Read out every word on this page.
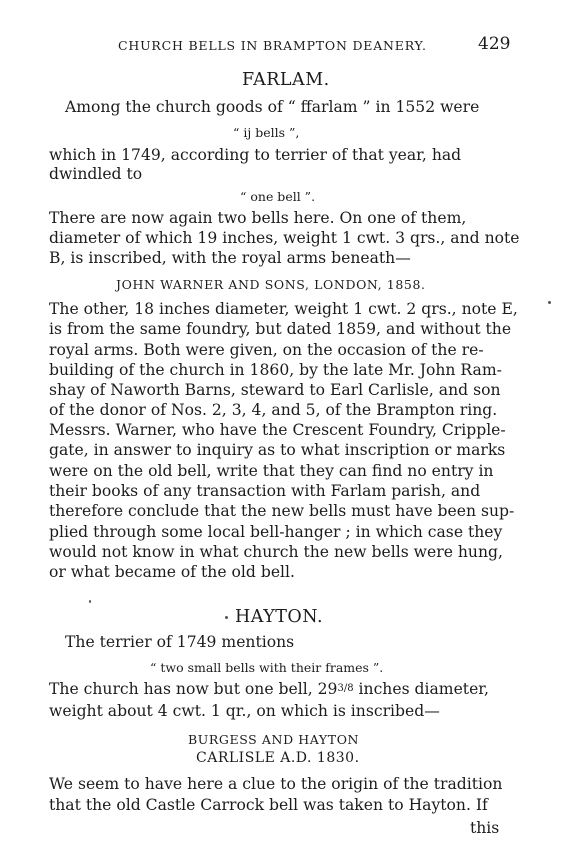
CHURCH BELLS IN BRAMPTON DEANERY.	429

FARLAM.

Among the church goods of “ ffarlam ” in 1552 were

“ ij bells ”,

which in 1749, according to terrier of that year, had

dwindled to

“ one bell ”.

There are now again two bells here. On one of them,

diameter of which 19 inches, weight 1 cwt. 3 qrs., and note

B, is inscribed, with the royal arms beneath—

JOHN WARNER AND SONS, LONDON, 1858.

The other, 18 inches diameter, weight 1 cwt. 2 qrs., note E,

is from the same foundry, but dated 1859, and without the

royal arms. Both were given, on the occasion of the re-

building of the church in 1860, by the late Mr. John Ram-

shay of Naworth Barns, steward to Earl Carlisle, and son

of the donor of Nos. 2, 3, 4, and 5, of the Brampton ring.

Messrs. Warner, who have the Crescent Foundry, Cripple-

gate, in answer to inquiry as to what inscription or marks

were on the old bell, write that they can find no entry in

their books of any transaction with Farlam parish, and

therefore conclude that the new bells must have been sup-

plied through some local bell-hanger ; in which case they

would not know in what church the new bells were hung,

or what became of the old bell.

HAYTON.

The terrier of 1749 mentions

“ two small bells with their frames ”.

The church has now but one bell, 293/8 inches diameter,

weight about 4 cwt. 1 qr., on which is inscribed—

BURGESS AND HAYTON

CARLISLE A.D. 1830.

We seem to have here a clue to the origin of the tradition

that the old Castle Carrock bell was taken to Hayton. If

this
